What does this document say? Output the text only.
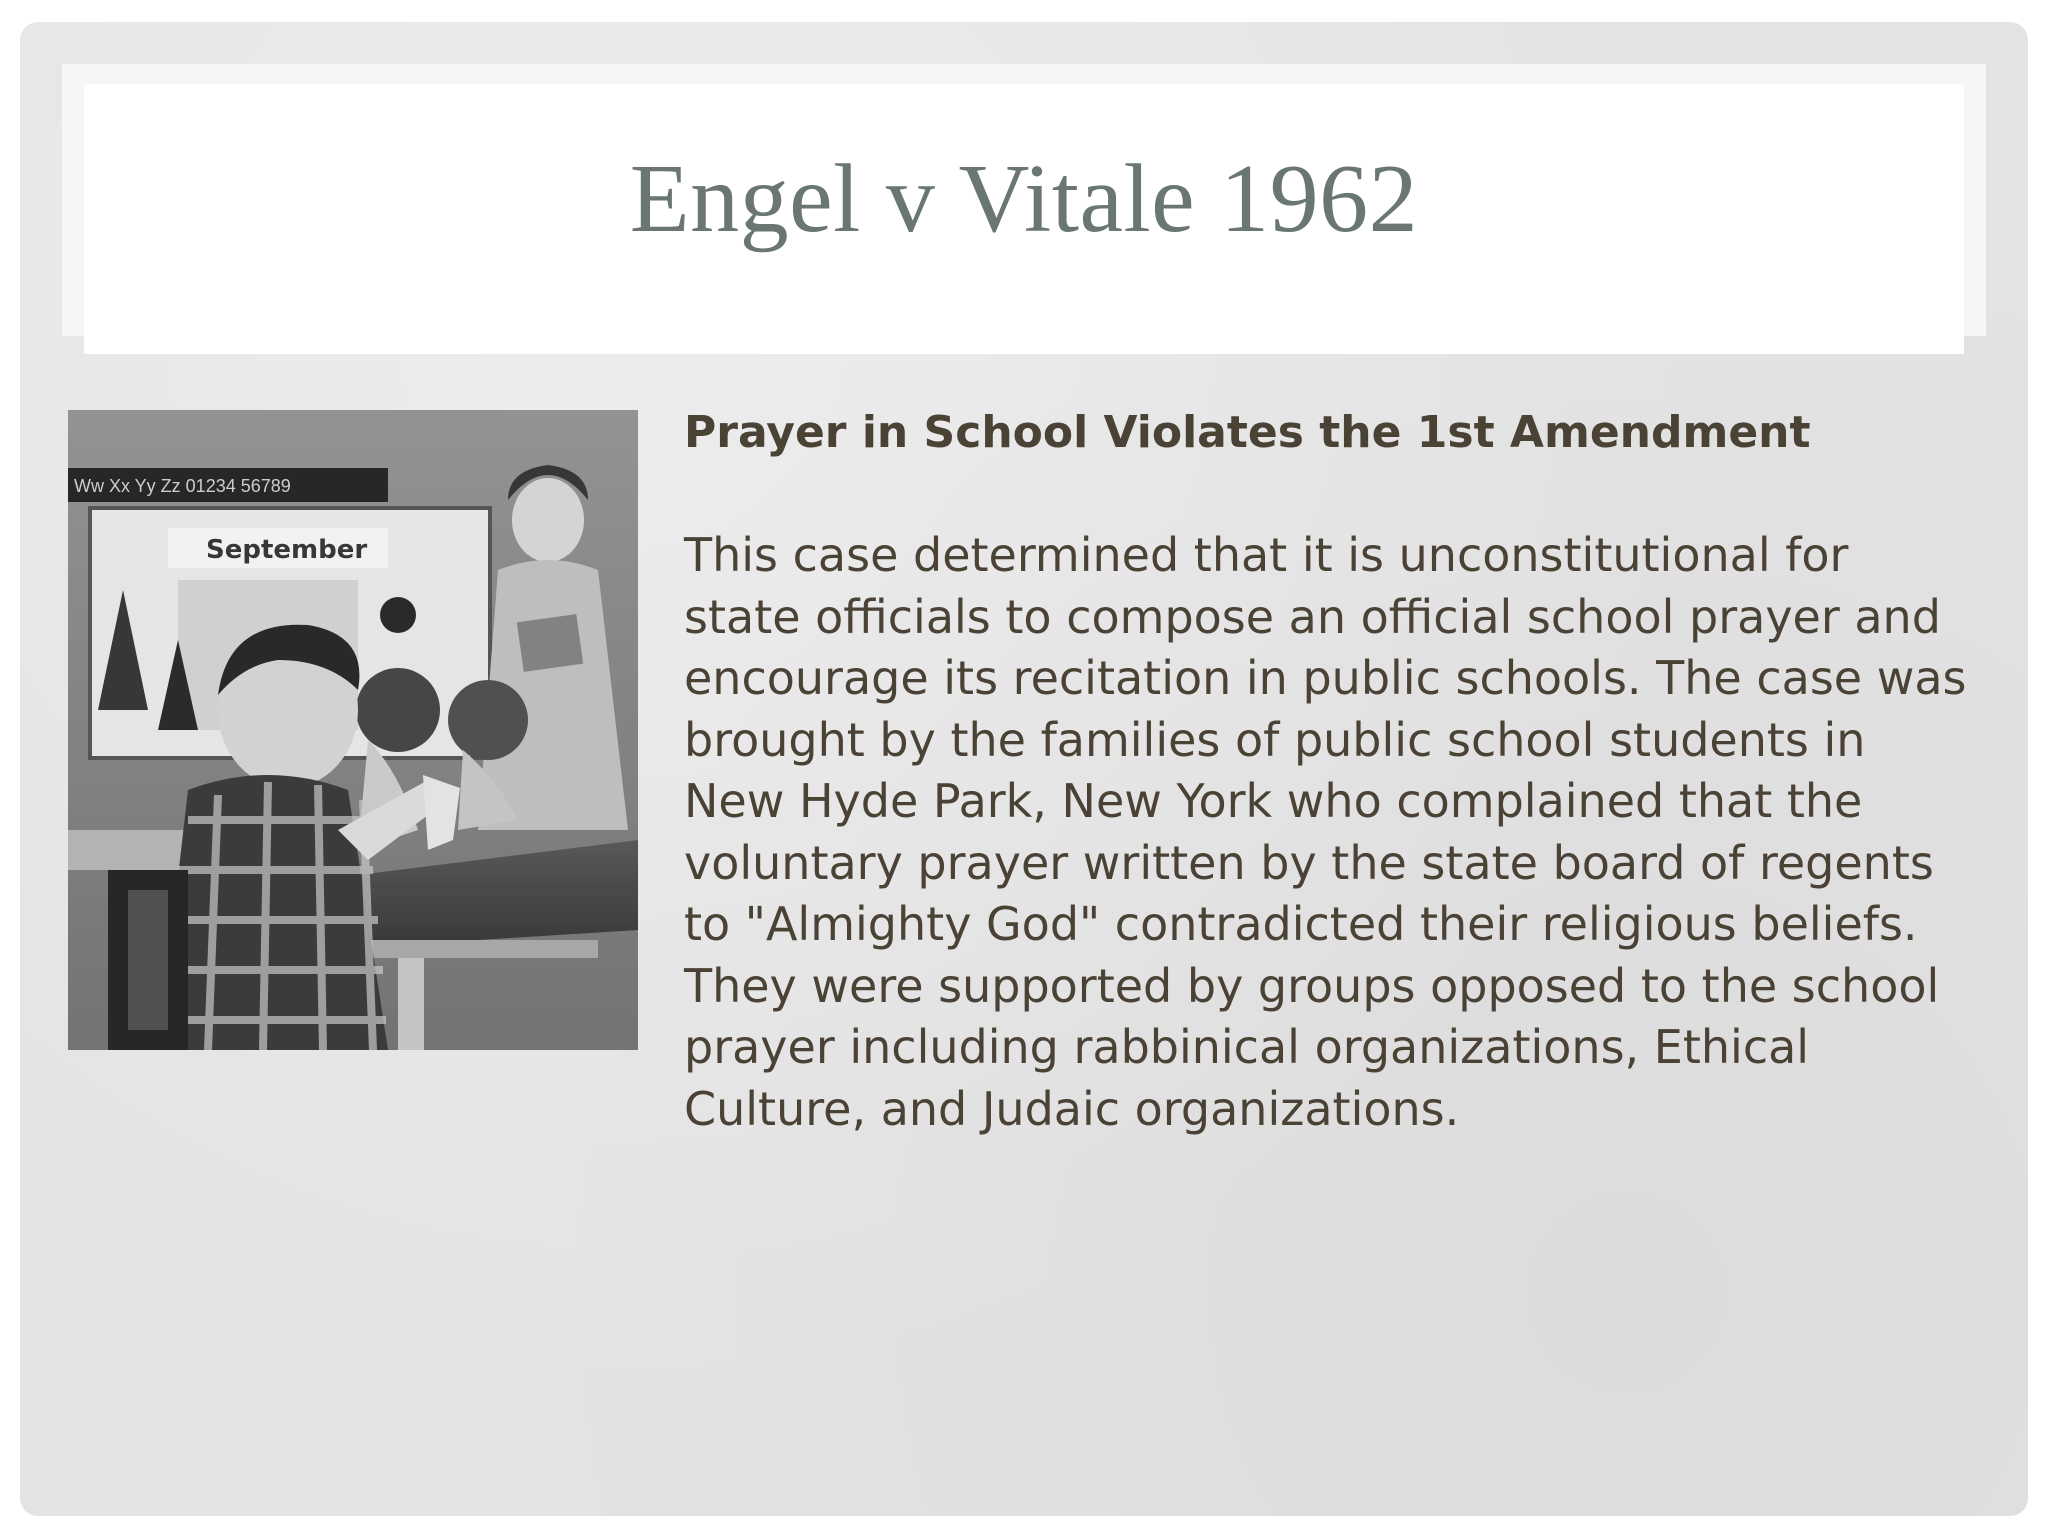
Engel v Vitale 1962
Ww Xx Yy Zz 01234 56789
September

Prayer in School Violates the 1st Amendment

This case determined that it is unconstitutional for state officials to compose an official school prayer and encourage its recitation in public schools. The case was brought by the families of public school students in New Hyde Park, New York who complained that the voluntary prayer written by the state board of regents to "Almighty God" contradicted their religious beliefs. They were supported by groups opposed to the school prayer including rabbinical organizations, Ethical Culture, and Judaic organizations.
